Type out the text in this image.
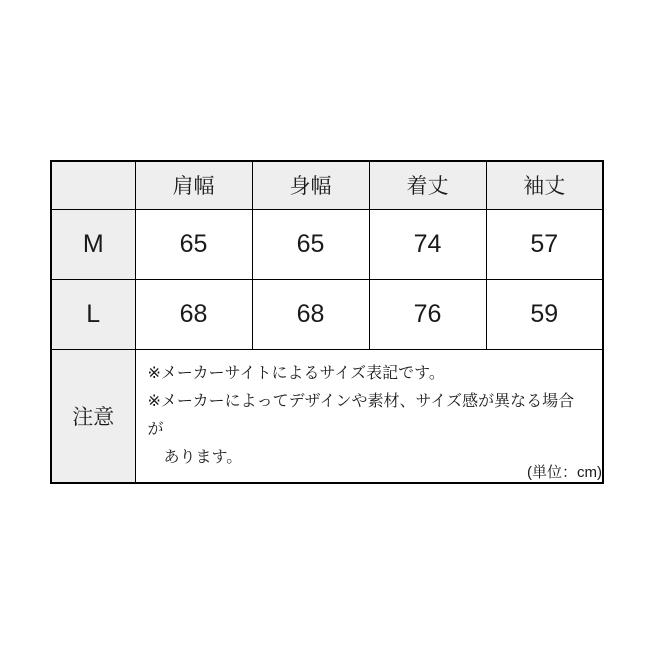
	肩幅	身幅	着丈	袖丈
M	65	65	74	57
L	68	68	76	59
注意	※メーカーサイトによるサイズ表記です。
※メーカーによってデザインや素材、サイズ感が異なる場合が
あります。			
(単位：cm)
